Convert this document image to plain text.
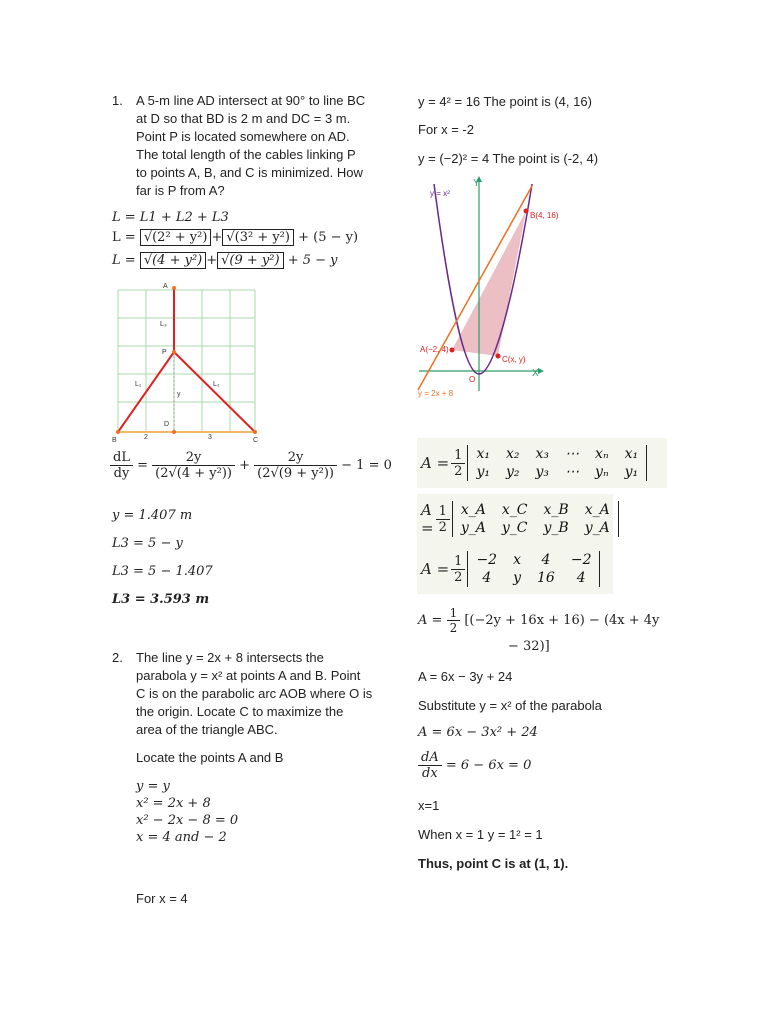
1. A 5-m line AD intersect at 90° to line BC
at D so that BD is 2 m and DC = 3 m.
Point P is located somewhere on AD.
The total length of the cables linking P
to points A, B, and C is minimized. How
far is P from A?
L = L1 + L2 + L3
L = √(2² + y²) + √(3² + y²) + (5 − y)
L = √(4 + y²) + √(9 + y²) + 5 − y
A
P
D
B	C
L₁	L₂
L₃
y
2	3
$\frac{dL}{dy} = \frac{2y}{\text{(2√(4 + y²))}} + \frac{2y}{\text{(2√(9 + y²))}} - 1 = 0$
y = 1.407 m
L3 = 5 − y
L3 = 5 − 1.407
L3 = 3.593 m
2. The line y = 2x + 8 intersects the
parabola y = x² at points A and B. Point
C is on the parabolic arc AOB where O is
the origin. Locate C to maximize the
area of the triangle ABC.
Locate the points A and B
y = y
x² = 2x + 8
x² − 2x − 8 = 0
x = 4 and − 2
For x = 4
y = 4² = 16 The point is (4, 16)
For x = -2
y = (−2)² = 4 The point is (-2, 4)
y = x²
Y
X
B(4, 16)
A(−2, 4)
C(x, y)
O
y = 2x + 8
$A = \frac{1}{2} x_1$	x₂	x₃	⋯	xₙ	x₁
y₁	y₂	y₃	⋯	yₙ	y₁
$A = \frac{1}{2}$ x_A	x_C	x_B	x_A
y_A	y_C	y_B	y_A
$A = \frac{1}{2} -2$	x	4	−2
4	y	16	4
$A = \frac{1}{2} [(-2y + 16x + 16) - (4x + 4y$
− 32)]
A = 6x − 3y + 24
Substitute y = x² of the parabola
A = 6x − 3x² + 24
$\frac{dA}{dx} = 6 - 6x = 0$
x=1
When x = 1 y = 1² = 1
Thus, point C is at (1, 1).
